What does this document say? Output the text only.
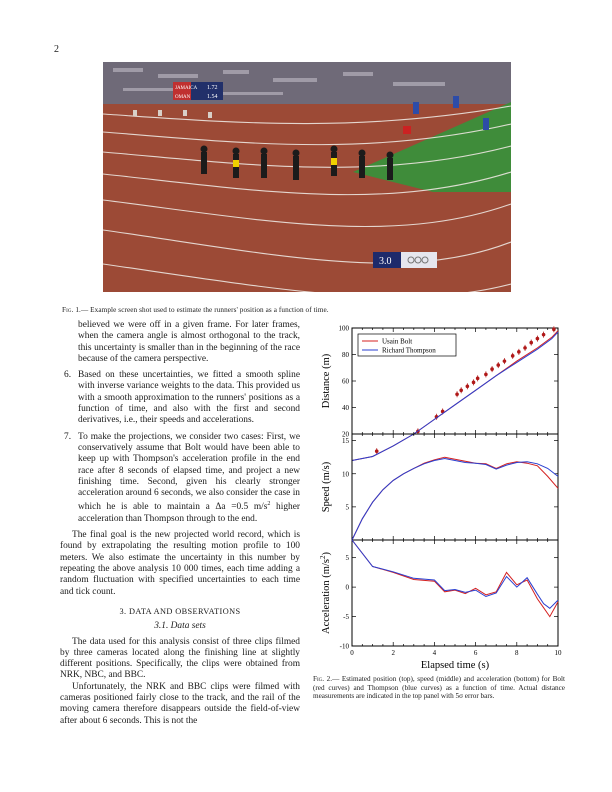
2
JAMAICA 1.72
OMAN	1.54
3.0
Fig. 1.— Example screen shot used to estimate the runners' position as a function of time.

believed we were off in a given frame. For later frames, when the camera angle is almost orthogonal to the track, this uncertainty is smaller than in the beginning of the race because of the camera perspective.

6. Based on these uncertainties, we fitted a smooth spline with inverse variance weights to the data. This provided us with a smooth approximation to the runners' positions as a function of time, and also with the first and second derivatives, i.e., their speeds and accelerations.
7. To make the projections, we consider two cases: First, we conservatively assume that Bolt would have been able to keep up with Thompson's acceleration profile in the end race after 8 seconds of elapsed time, and project a new finishing time. Second, given his clearly stronger acceleration around 6 seconds, we also consider the case in which he is able to maintain a Δa =0.5 $m/s^2$ higher acceleration than Thompson through to the end.

The final goal is the new projected world record, which is found by extrapolating the resulting motion profile to 100 meters. We also estimate the uncertainty in this number by repeating the above analysis 10 000 times, each time adding a random fluctuation with specified uncertainties to each time and tick count.

3. DATA AND OBSERVATIONS
3.1. Data sets

The data used for this analysis consist of three clips filmed by three cameras located along the finishing line at slightly different positions. Specifically, the clips were obtained from NRK, NBC, and BBC.

Unfortunately, the NRK and BBC clips were filmed with cameras positioned fairly close to the track, and the rail of the moving camera therefore disappears outside the field-of-view after about 6 seconds. This is not the

20
40
60
80
100
Distance (m)
Usain Bolt
Richard Thompson
5
10
15
Speed (m/s)
-10
-5
0
5
Acceleration $(m/s^2)$
0	2	4	6	8	10
Elapsed time (s)
Fig. 2.— Estimated position (top), speed (middle) and acceleration (bottom) for Bolt (red curves) and Thompson (blue curves) as a function of time. Actual distance measurements are indicated in the top panel with 5σ error bars.
